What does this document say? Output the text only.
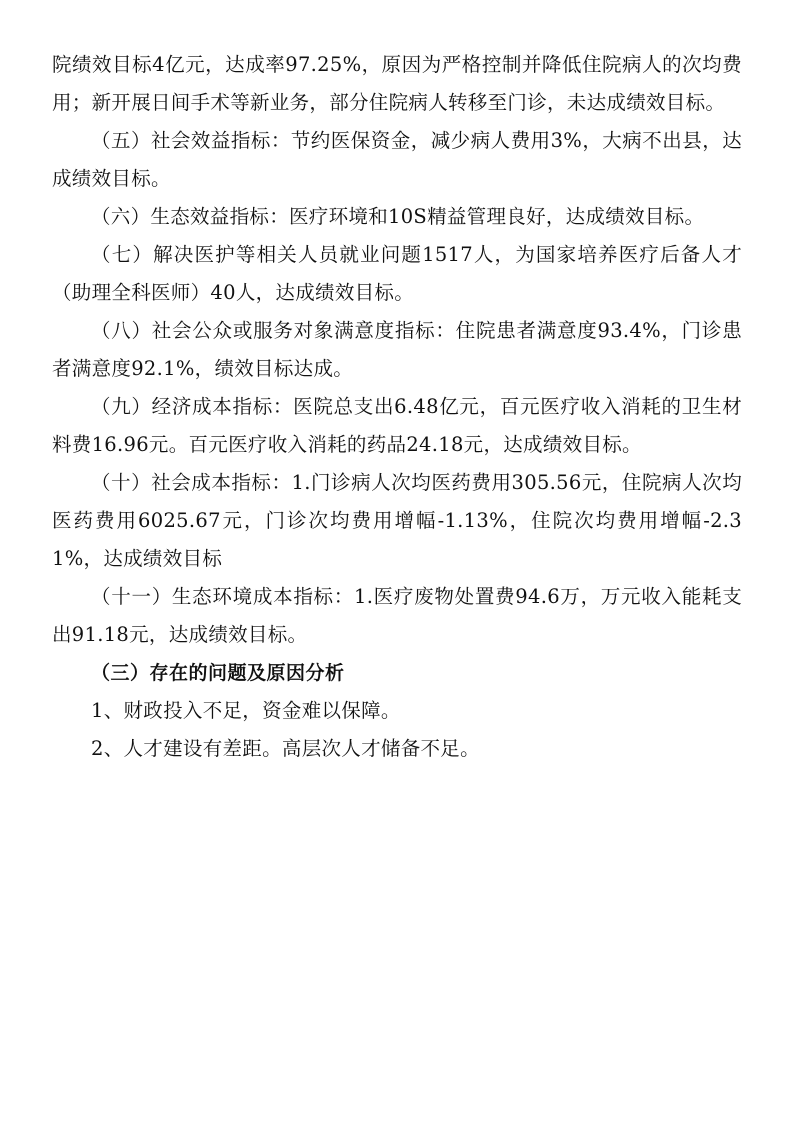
院绩效目标4亿元，达成率97.25%，原因为严格控制并降低住院病人的次均费用；新开展日间手术等新业务，部分住院病人转移至门诊，未达成绩效目标。

（五）社会效益指标：节约医保资金，减少病人费用3%，大病不出县，达成绩效目标。

（六）生态效益指标：医疗环境和10S精益管理良好，达成绩效目标。

（七）解决医护等相关人员就业问题1517人，为国家培养医疗后备人才（助理全科医师）40人，达成绩效目标。

（八）社会公众或服务对象满意度指标：住院患者满意度93.4%，门诊患者满意度92.1%，绩效目标达成。

（九）经济成本指标：医院总支出6.48亿元，百元医疗收入消耗的卫生材料费16.96元。百元医疗收入消耗的药品24.18元，达成绩效目标。

（十）社会成本指标：1.门诊病人次均医药费用305.56元，住院病人次均医药费用6025.67元，门诊次均费用增幅-1.13%，住院次均费用增幅-2.31%，达成绩效目标

（十一）生态环境成本指标：1.医疗废物处置费94.6万，万元收入能耗支出91.18元，达成绩效目标。

（三）存在的问题及原因分析

1、财政投入不足，资金难以保障。

2、人才建设有差距。高层次人才储备不足。
